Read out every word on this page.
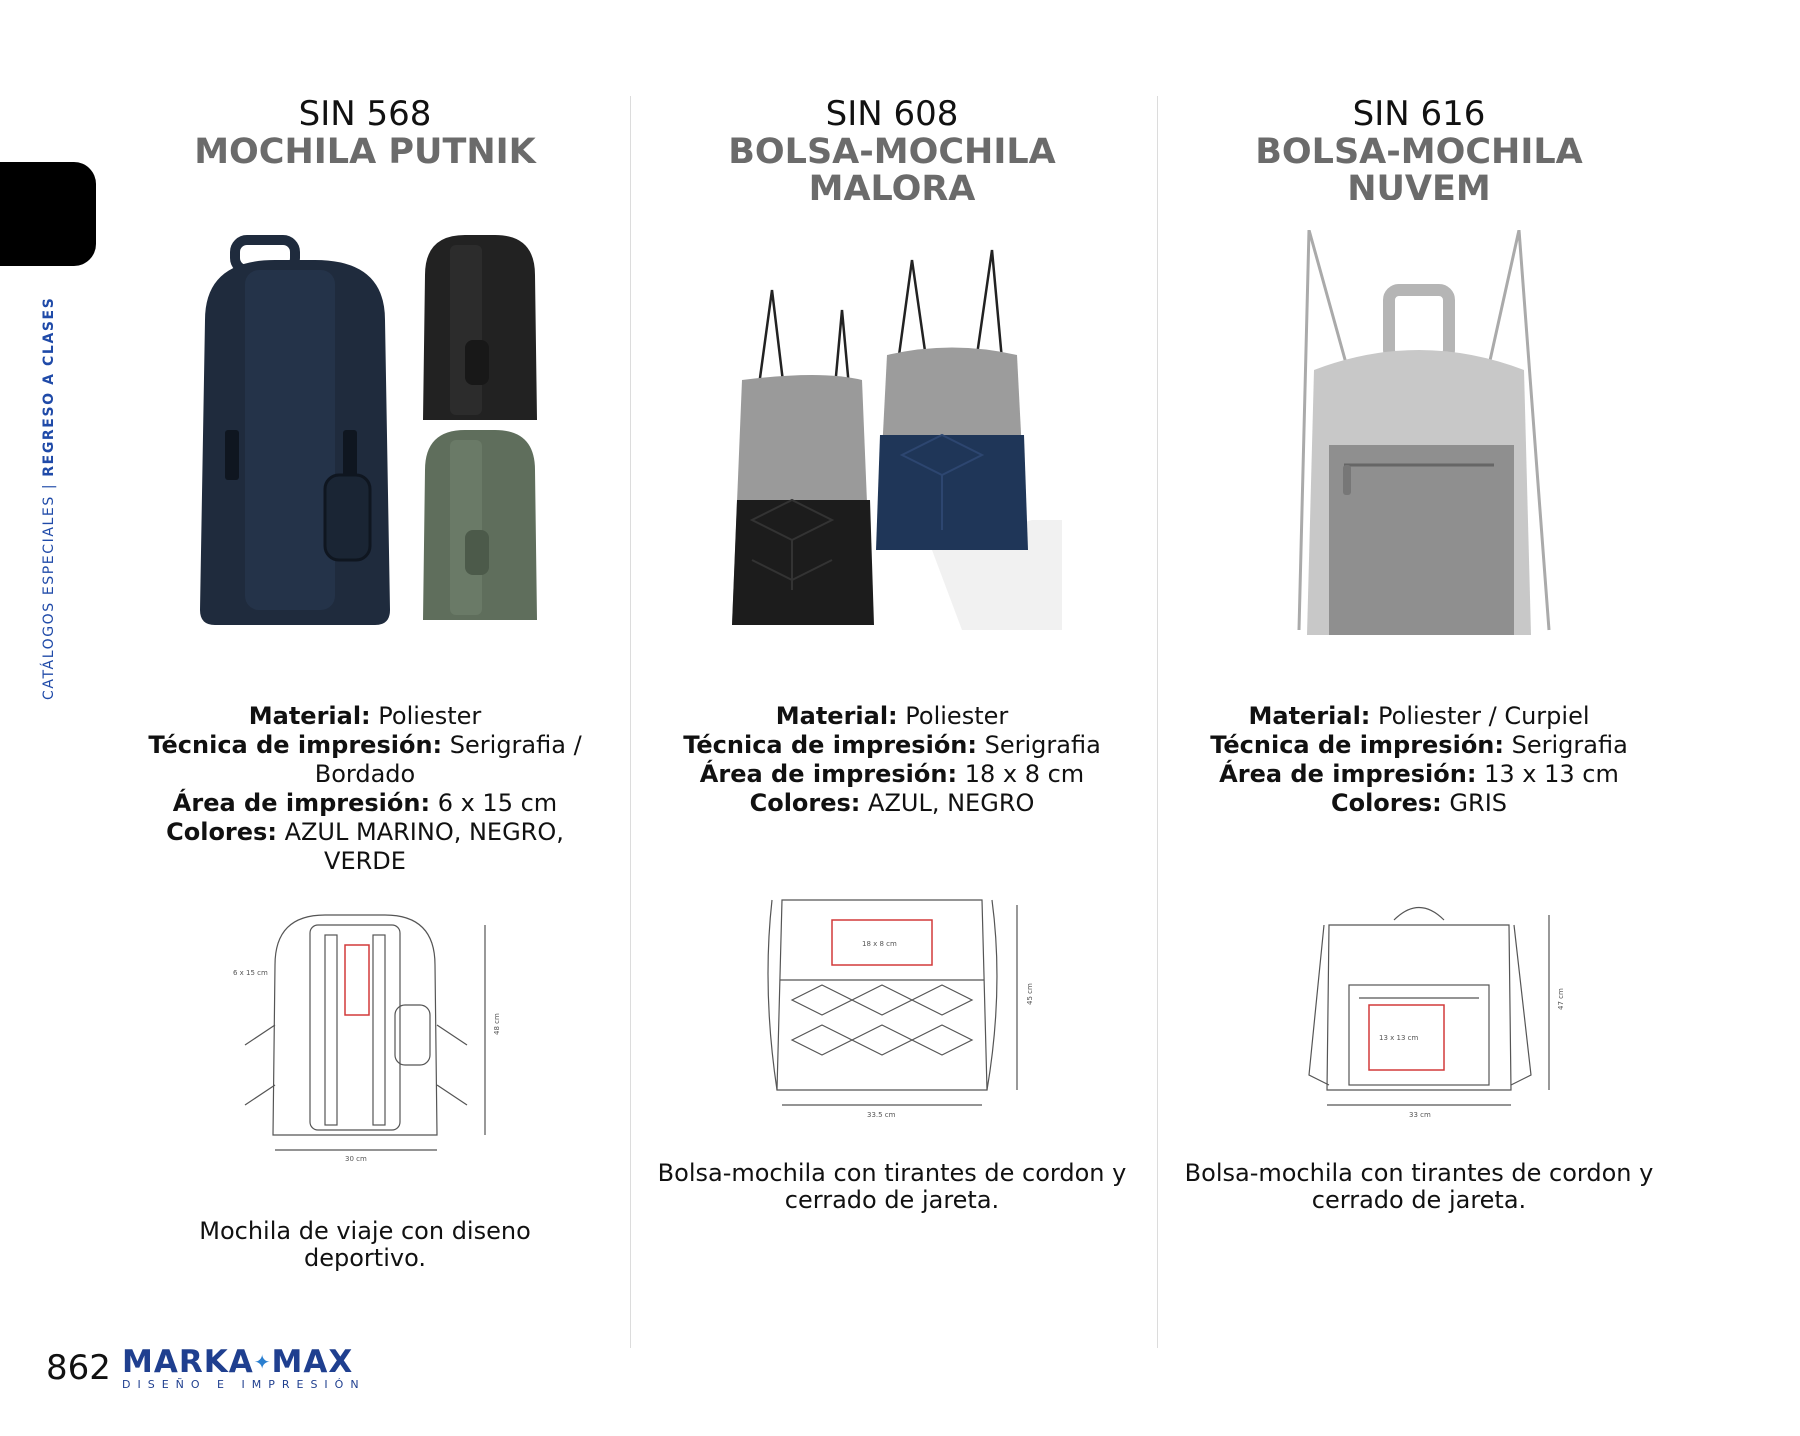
CATÁLOGOS ESPECIALES | REGRESO A CLASES
SIN 568
MOCHILA PUTNIK
Material: Poliester
Técnica de impresión: Serigrafia / Bordado
Área de impresión: 6 x 15 cm
Colores: AZUL MARINO, NEGRO, VERDE
6 x 15 cm
48 cm
30 cm
Mochila de viaje con diseno deportivo.
SIN 608
BOLSA-MOCHILA
MALORA
Material: Poliester
Técnica de impresión: Serigrafia
Área de impresión: 18 x 8 cm
Colores: AZUL, NEGRO
18 x 8 cm
45 cm
33.5 cm
Bolsa-mochila con tirantes de cordon y cerrado de jareta.
SIN 616
BOLSA-MOCHILA
NUVEM
Material: Poliester / Curpiel
Técnica de impresión: Serigrafia
Área de impresión: 13 x 13 cm
Colores: GRIS
13 x 13 cm
47 cm
33 cm
Bolsa-mochila con tirantes de cordon y cerrado de jareta.
862 MARKA✦MAX
DISEÑO E IMPRESIÓN
